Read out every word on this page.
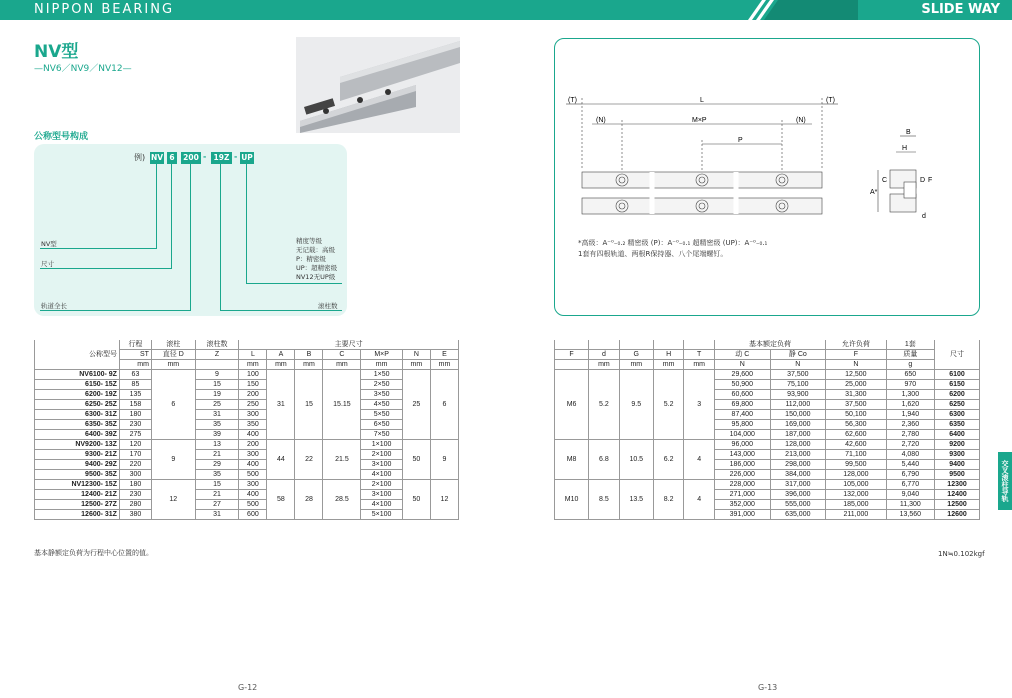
NIPPON BEARING	SLIDE WAY
NV型
—NV6／NV9／NV12—
公称型号构成
例) NV 6	200 - 19Z - UP
NV型
尺寸
轨道全长
精度等级
无记载：高级
P：精密级
UP：超精密级
NV12无UP级
滚柱数
(T)	(T)
L
(N)	(N)
M×P
P
B
H
A*
C	D F
d
*高级：A⁻⁰₋₀.₂ 精密级 (P)：A⁻⁰₋₀.₁ 超精密级 (UP)：A⁻⁰₋₀.₁
1套有四根轨道、两根R保持器、八个尾端螺钉。
公称型号	行程	滚柱	滚柱数	主要尺寸						
	ST	直径 D	Z	L	A	B	C	M×P	N	E
	mm	mm		mm	mm	mm	mm	mm	mm	mm
NV6100- 9Z	63	6	9	100	31	15	15.15	1×50	25	6
6150- 15Z	85		15	150				2×50		
6200- 19Z	135		19	200				3×50		
6250- 25Z	158		25	250				4×50		
6300- 31Z	180		31	300				5×50		
6350- 35Z	230		35	350				6×50		
6400- 39Z	275		39	400				7×50		
NV9200- 13Z	120	9	13	200	44	22	21.5	1×100	50	9
9300- 21Z	170		21	300				2×100		
9400- 29Z	220		29	400				3×100		
9500- 35Z	300		35	500				4×100		
NV12300- 15Z	180	12	15	300	58	28	28.5	2×100	50	12
12400- 21Z	230		21	400				3×100		
12500- 27Z	280		27	500				4×100		
12600- 31Z	380		31	600				5×100		
基本静额定负荷为行程中心位置的值。
					基本额定负荷		允许负荷	1套	尺寸
F	d	G	H	T	动 C	静 Co	F	质量	
	mm	mm	mm	mm	N	N	N	g	
M6	5.2	9.5	5.2	3	29,600	37,500	12,500	650	6100
					50,900	75,100	25,000	970	6150
					60,600	93,900	31,300	1,300	6200
					69,800	112,000	37,500	1,620	6250
					87,400	150,000	50,100	1,940	6300
					95,800	169,000	56,300	2,360	6350
					104,000	187,000	62,600	2,780	6400
M8	6.8	10.5	6.2	4	96,000	128,000	42,600	2,720	9200
					143,000	213,000	71,100	4,080	9300
					186,000	298,000	99,500	5,440	9400
					226,000	384,000	128,000	6,790	9500
M10	8.5	13.5	8.2	4	228,000	317,000	105,000	6,770	12300
					271,000	396,000	132,000	9,040	12400
					352,000	555,000	185,000	11,300	12500
					391,000	635,000	211,000	13,560	12600
1N≒0.102kgf
交叉滚柱导轨
G-12	G-13
